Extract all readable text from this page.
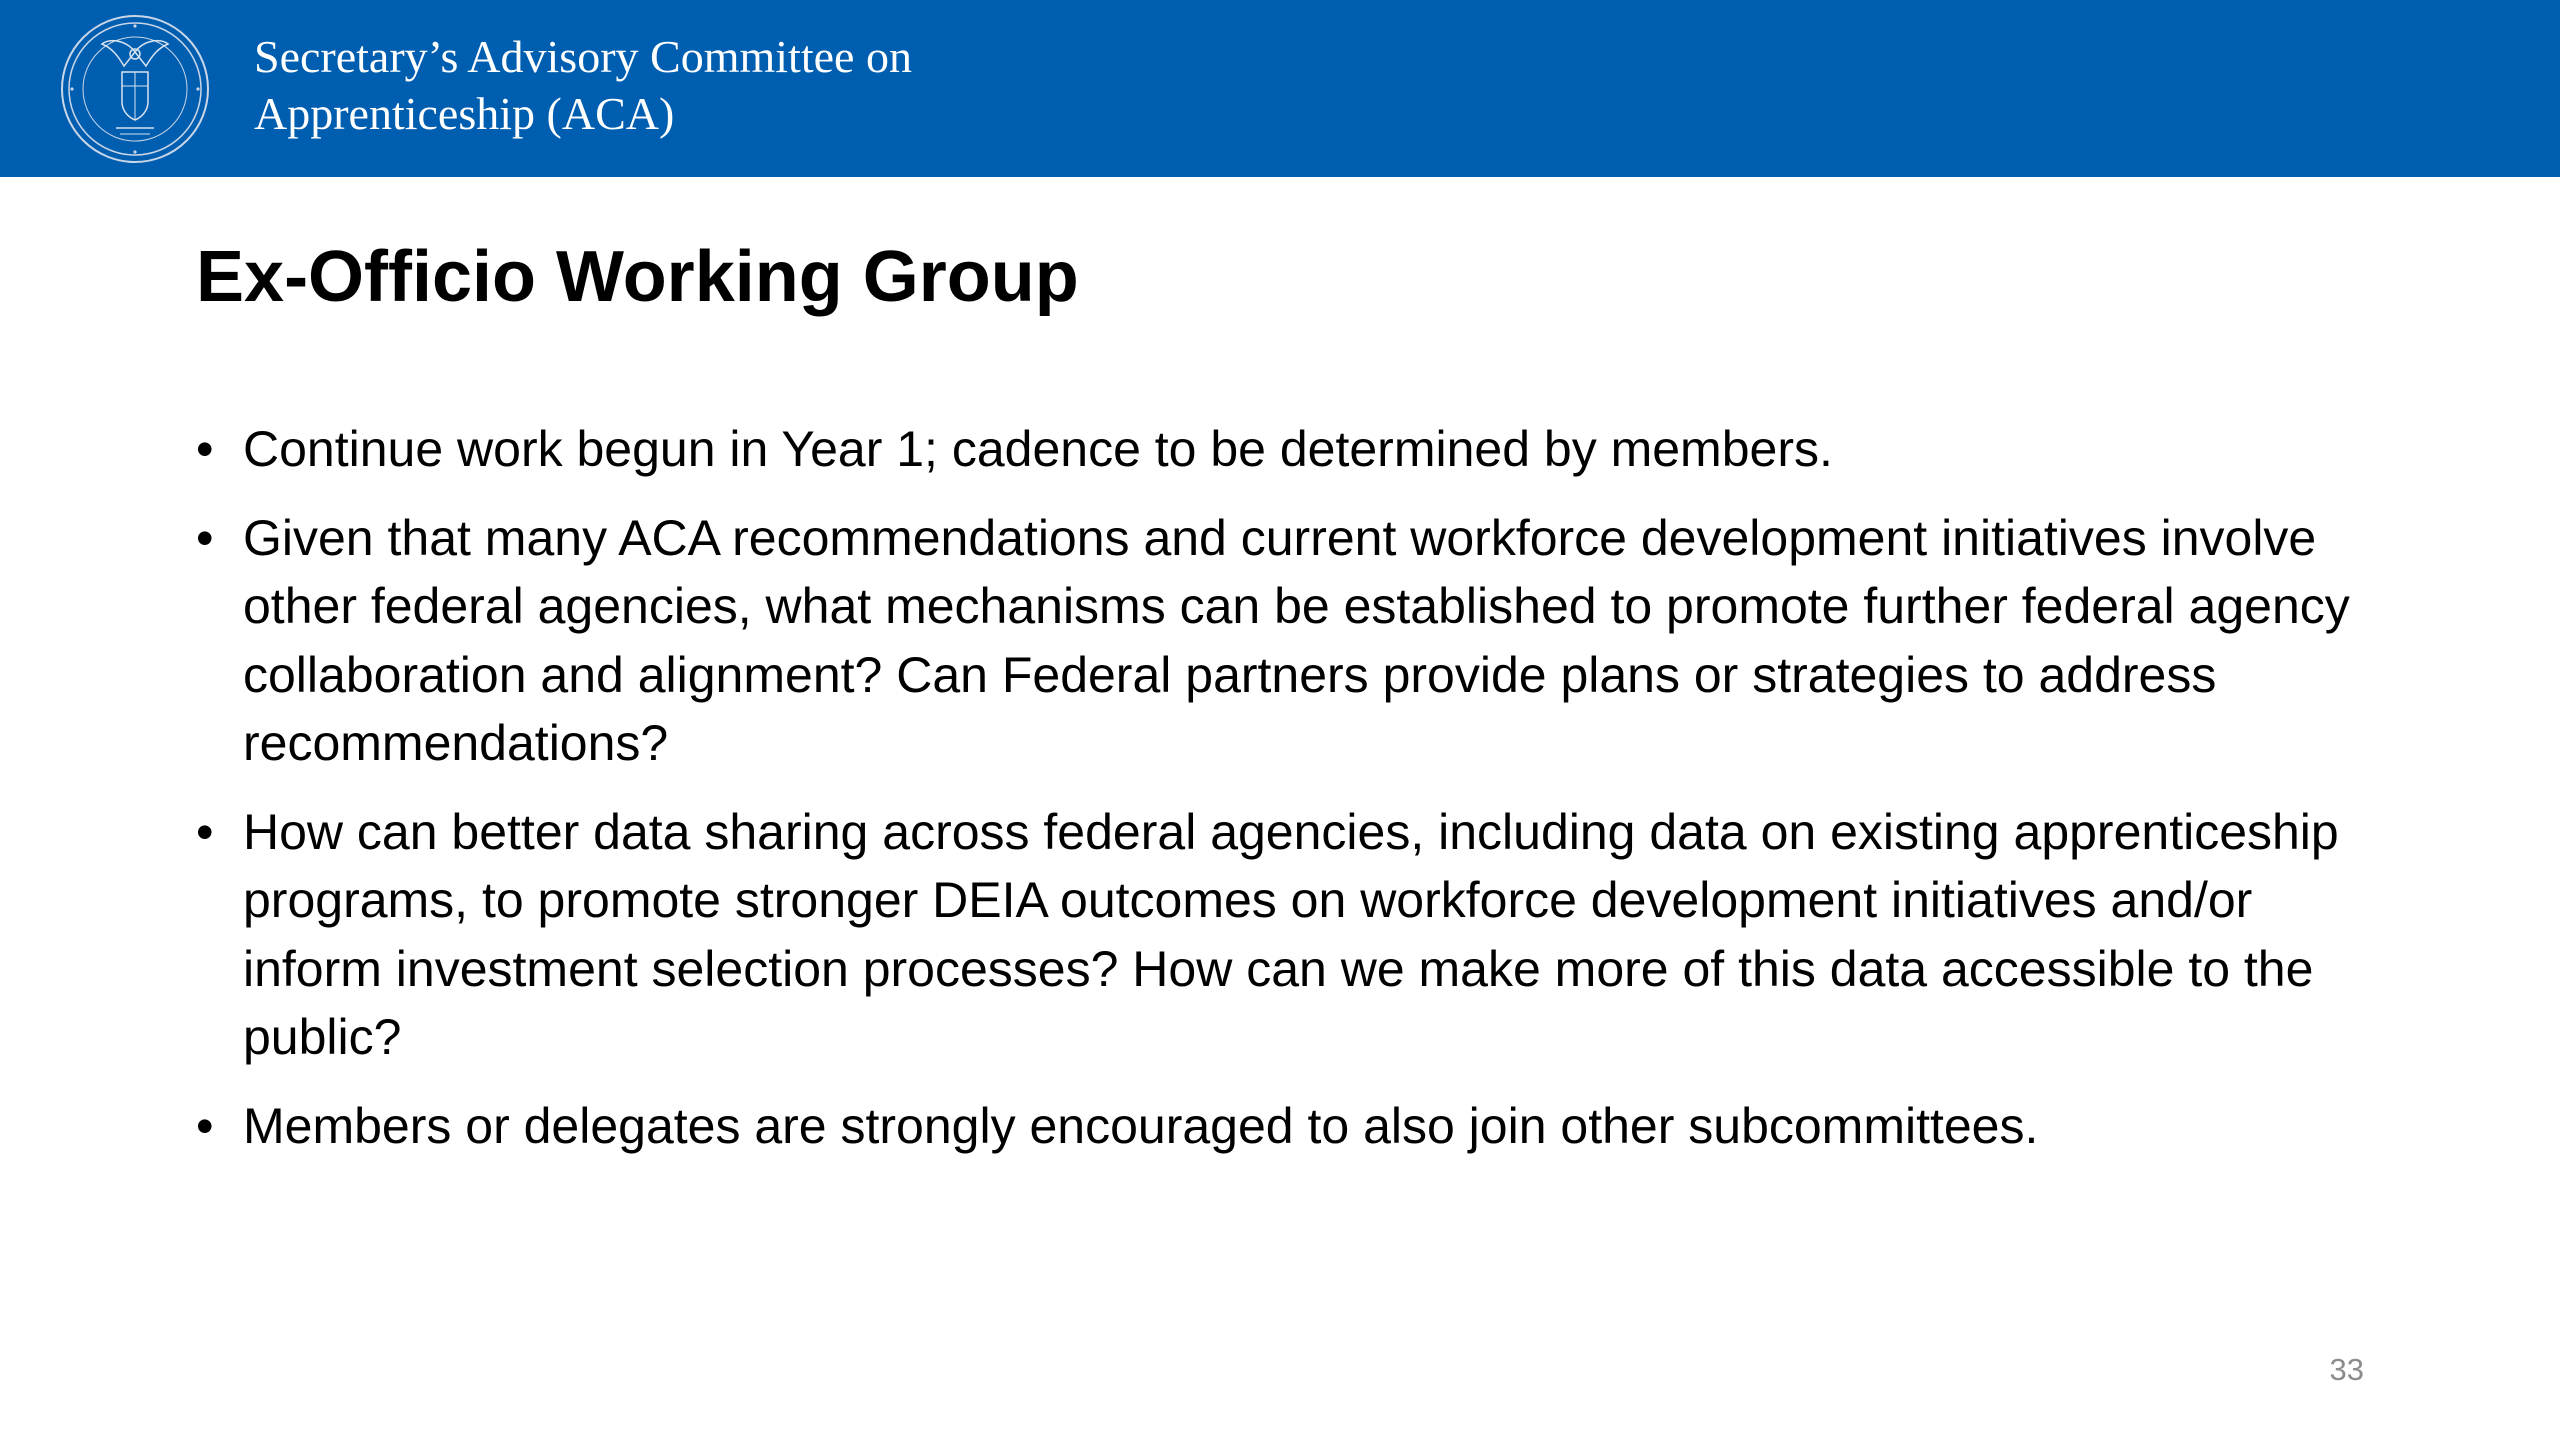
Secretary’s Advisory Committee on
Apprenticeship (ACA)
Ex-Officio Working Group
• Continue work begun in Year 1; cadence to be determined by members.
• Given that many ACA recommendations and current workforce development initiatives involve other federal agencies, what mechanisms can be established to promote further federal agency collaboration and alignment? Can Federal partners provide plans or strategies to address recommendations?
• How can better data sharing across federal agencies, including data on existing apprenticeship programs, to promote stronger DEIA outcomes on workforce development initiatives and/or inform investment selection processes? How can we make more of this data accessible to the public?
• Members or delegates are strongly encouraged to also join other subcommittees.
33
